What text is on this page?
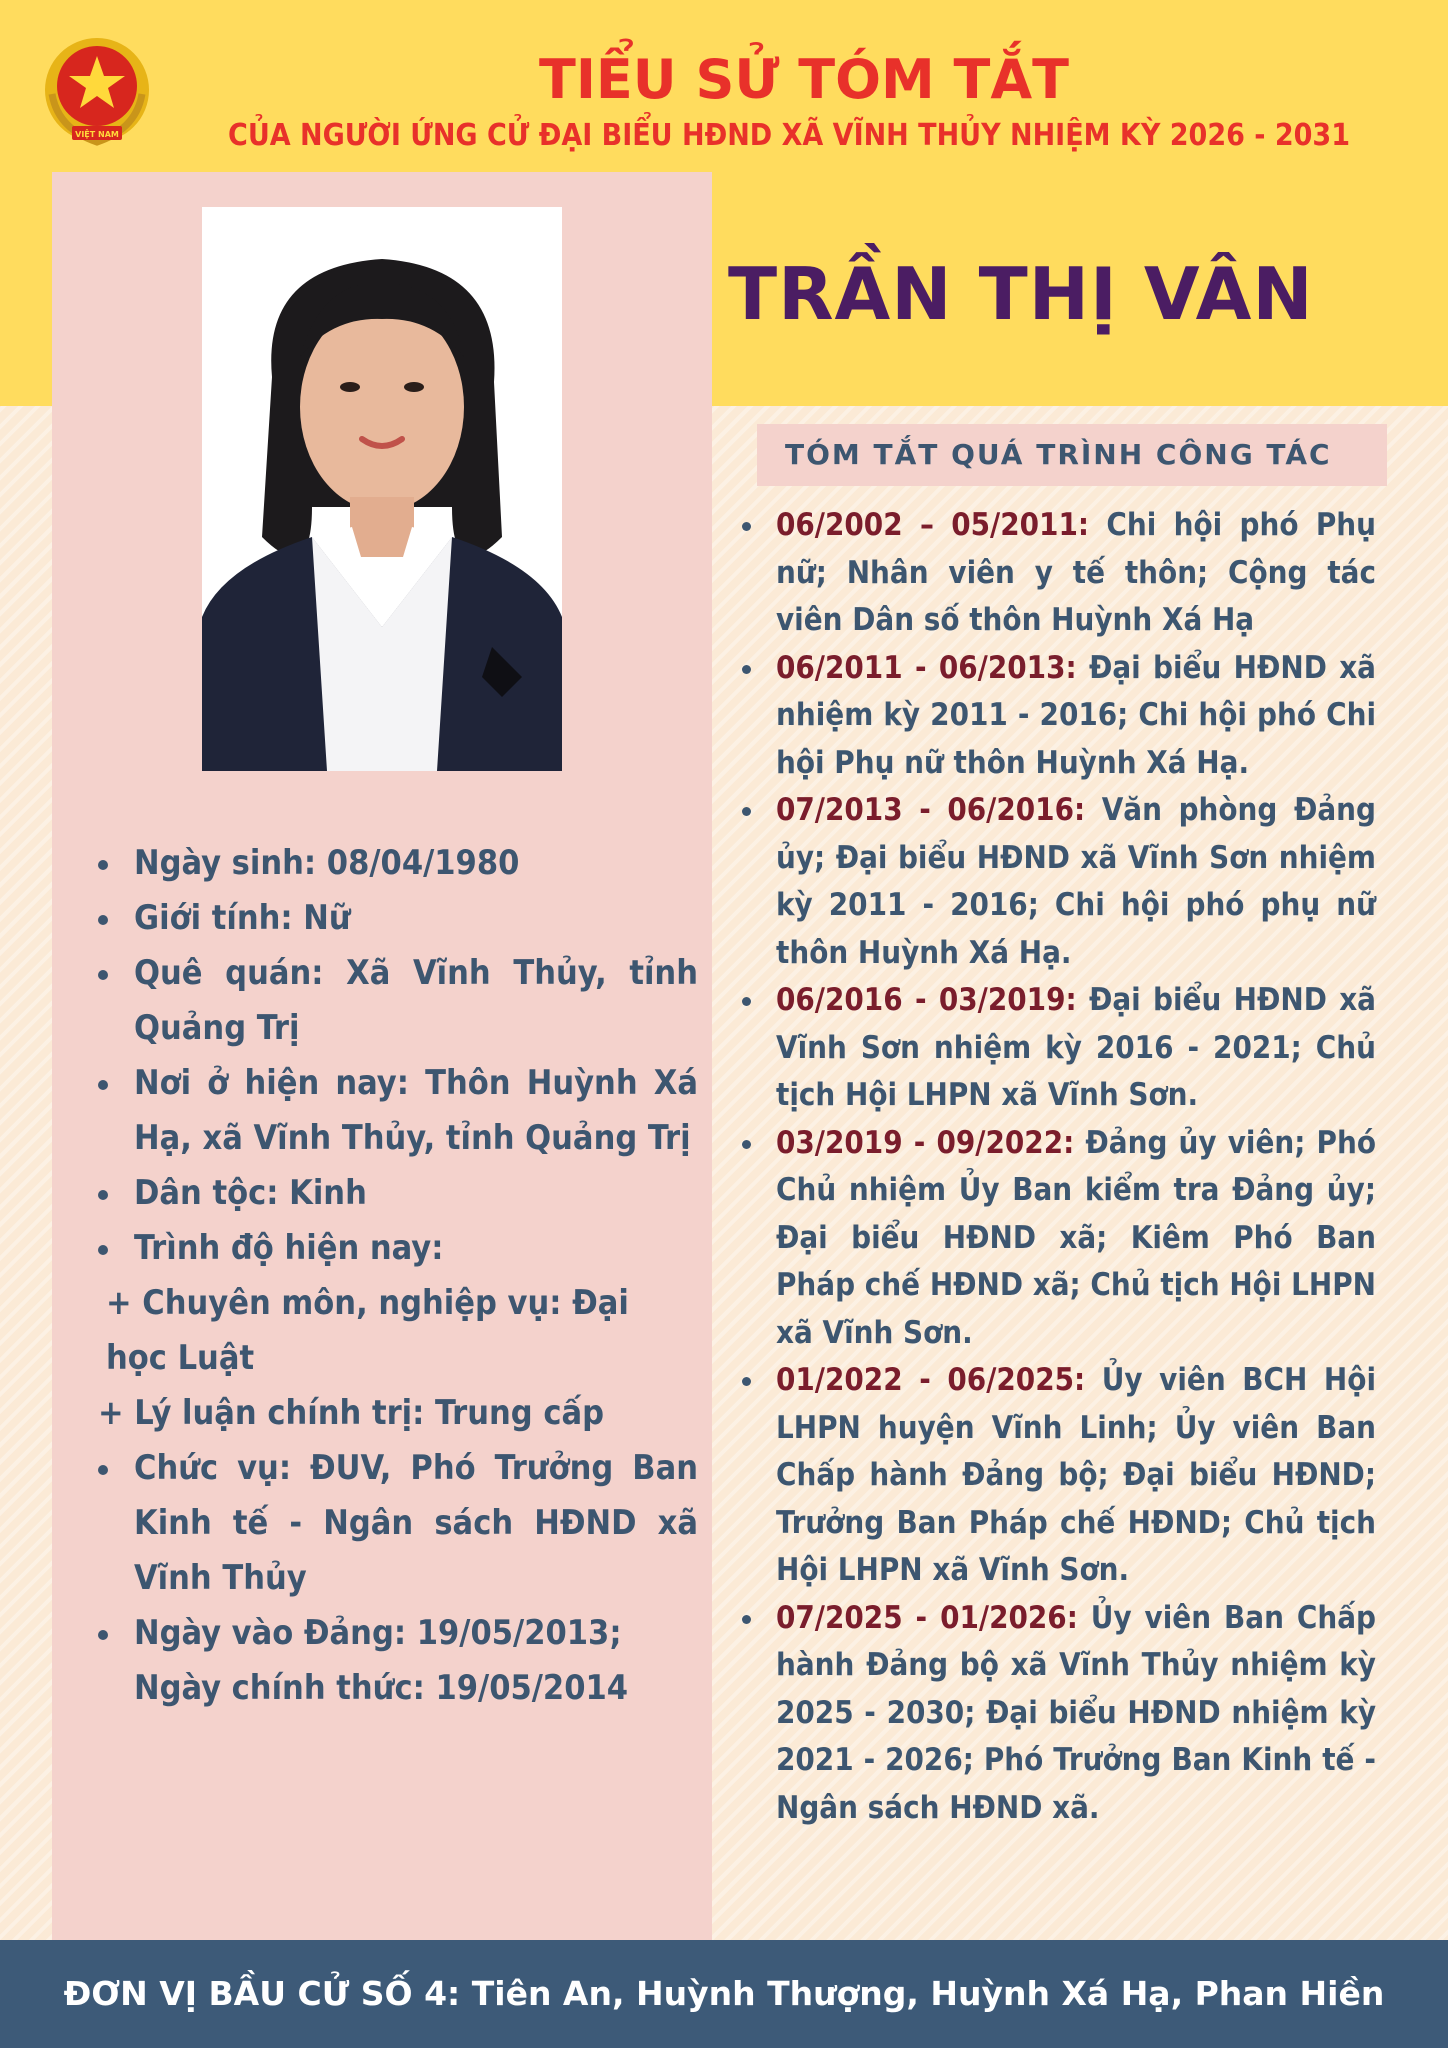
VIỆT NAM
TIỂU SỬ TÓM TẮT
CỦA NGƯỜI ỨNG CỬ ĐẠI BIỂU HĐND XÃ VĨNH THỦY NHIỆM KỲ 2026 - 2031
TRẦN THỊ VÂN
Ngày sinh: 08/04/1980
Giới tính: Nữ
Quê quán: Xã Vĩnh Thủy, tỉnh Quảng Trị
Nơi ở hiện nay: Thôn Huỳnh Xá Hạ, xã Vĩnh Thủy, tỉnh Quảng Trị
Dân tộc: Kinh
Trình độ hiện nay:
+ Chuyên môn, nghiệp vụ: Đại học Luật
+ Lý luận chính trị: Trung cấp
Chức vụ: ĐUV, Phó Trưởng Ban Kinh tế - Ngân sách HĐND xã Vĩnh Thủy
Ngày vào Đảng: 19/05/2013;
Ngày chính thức: 19/05/2014
TÓM TẮT QUÁ TRÌNH CÔNG TÁC
06/2002 – 05/2011: Chi hội phó Phụ nữ; Nhân viên y tế thôn; Cộng tác viên Dân số thôn Huỳnh Xá Hạ
06/2011 - 06/2013: Đại biểu HĐND xã nhiệm kỳ 2011 - 2016; Chi hội phó Chi hội Phụ nữ thôn Huỳnh Xá Hạ.
07/2013 - 06/2016: Văn phòng Đảng ủy; Đại biểu HĐND xã Vĩnh Sơn nhiệm kỳ 2011 - 2016; Chi hội phó phụ nữ thôn Huỳnh Xá Hạ.
06/2016 - 03/2019: Đại biểu HĐND xã Vĩnh Sơn nhiệm kỳ 2016 - 2021; Chủ tịch Hội LHPN xã Vĩnh Sơn.
03/2019 - 09/2022: Đảng ủy viên; Phó Chủ nhiệm Ủy Ban kiểm tra Đảng ủy; Đại biểu HĐND xã; Kiêm Phó Ban Pháp chế HĐND xã; Chủ tịch Hội LHPN xã Vĩnh Sơn.
01/2022 - 06/2025: Ủy viên BCH Hội LHPN huyện Vĩnh Linh; Ủy viên Ban Chấp hành Đảng bộ; Đại biểu HĐND; Trưởng Ban Pháp chế HĐND; Chủ tịch Hội LHPN xã Vĩnh Sơn.
07/2025 - 01/2026: Ủy viên Ban Chấp hành Đảng bộ xã Vĩnh Thủy nhiệm kỳ 2025 - 2030; Đại biểu HĐND nhiệm kỳ 2021 - 2026; Phó Trưởng Ban Kinh tế - Ngân sách HĐND xã.
ĐƠN VỊ BẦU CỬ SỐ 4: Tiên An, Huỳnh Thượng, Huỳnh Xá Hạ, Phan Hiền
